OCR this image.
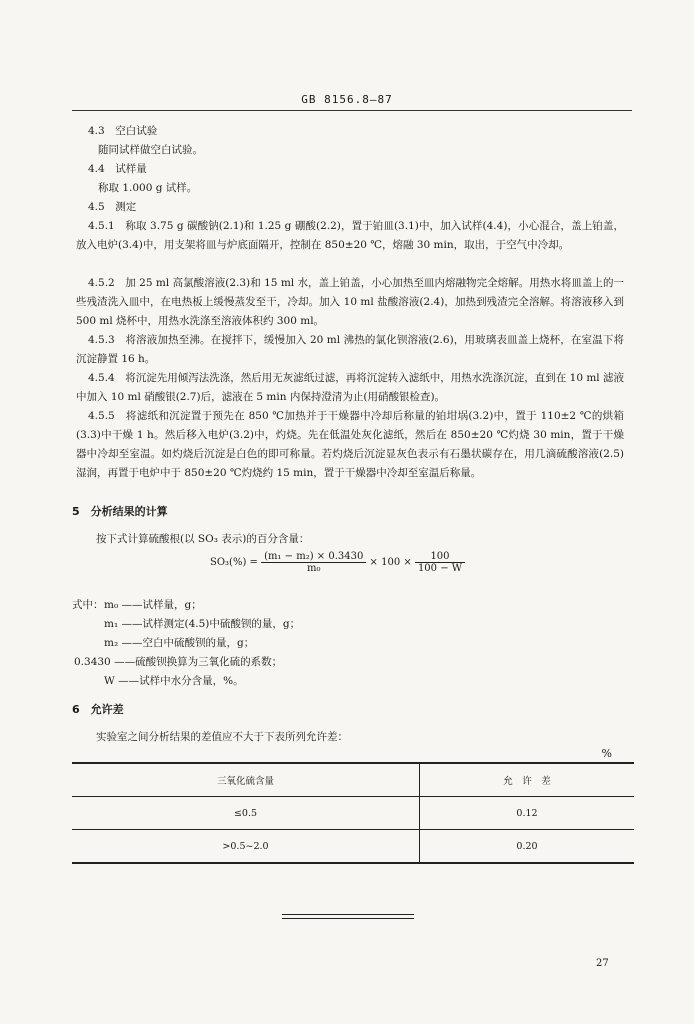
GB 8156.8—87
4.3　空白试验
随同试样做空白试验。
4.4　试样量
称取 1.000 g 试样。
4.5　测定
4.5.1　称取 3.75 g 碳酸钠(2.1)和 1.25 g 硼酸(2.2)，置于铂皿(3.1)中，加入试样(4.4)，小心混合，盖上铂盖，放入电炉(3.4)中，用支架将皿与炉底面隔开，控制在 850±20 ℃，熔融 30 min，取出，于空气中冷却。
4.5.2　加 25 ml 高氯酸溶液(2.3)和 15 ml 水，盖上铂盖，小心加热至皿内熔融物完全熔解。用热水将皿盖上的一些残渣洗入皿中，在电热板上缓慢蒸发至干，冷却。加入 10 ml 盐酸溶液(2.4)，加热到残渣完全溶解。将溶液移入到 500 ml 烧杯中，用热水洗涤至溶液体积约 300 ml。
4.5.3　将溶液加热至沸。在搅拌下，缓慢加入 20 ml 沸热的氯化钡溶液(2.6)，用玻璃表皿盖上烧杯，在室温下将沉淀静置 16 h。
4.5.4　将沉淀先用倾泻法洗涤，然后用无灰滤纸过滤，再将沉淀转入滤纸中，用热水洗涤沉淀，直到在 10 ml 滤液中加入 10 ml 硝酸银(2.7)后，滤液在 5 min 内保持澄清为止(用硝酸银检查)。
4.5.5　将滤纸和沉淀置于预先在 850 ℃加热并于干燥器中冷却后称量的铂坩埚(3.2)中，置于 110±2 ℃的烘箱(3.3)中干燥 1 h。然后移入电炉(3.2)中，灼烧。先在低温处灰化滤纸，然后在 850±20 ℃灼烧 30 min，置于干燥器中冷却至室温。如灼烧后沉淀是白色的即可称量。若灼烧后沉淀显灰色表示有石墨状碳存在，用几滴硫酸溶液(2.5)湿润，再置于电炉中于 850±20 ℃灼烧约 15 min，置于干燥器中冷却至室温后称量。
5　分析结果的计算
按下式计算硫酸根(以 SO₃ 表示)的百分含量：
$SO_3(\%) = \frac{\text{(m₁ − m₂) × 0.3430}}{\text{m₀}} \times 100 \times \frac{100}{100 - W}$
式中： m₀ ——试样量，g；
m₁ ——试样测定(4.5)中硫酸钡的量，g；
m₂ ——空白中硫酸钡的量，g；
0.3430 ——硫酸钡换算为三氧化硫的系数；
W ——试样中水分含量，%。
6　允许差
实验室之间分析结果的差值应不大于下表所列允许差：
%
三氧化硫含量	允　许　差
≤0.5	0.12
>0.5~2.0	0.20
27
